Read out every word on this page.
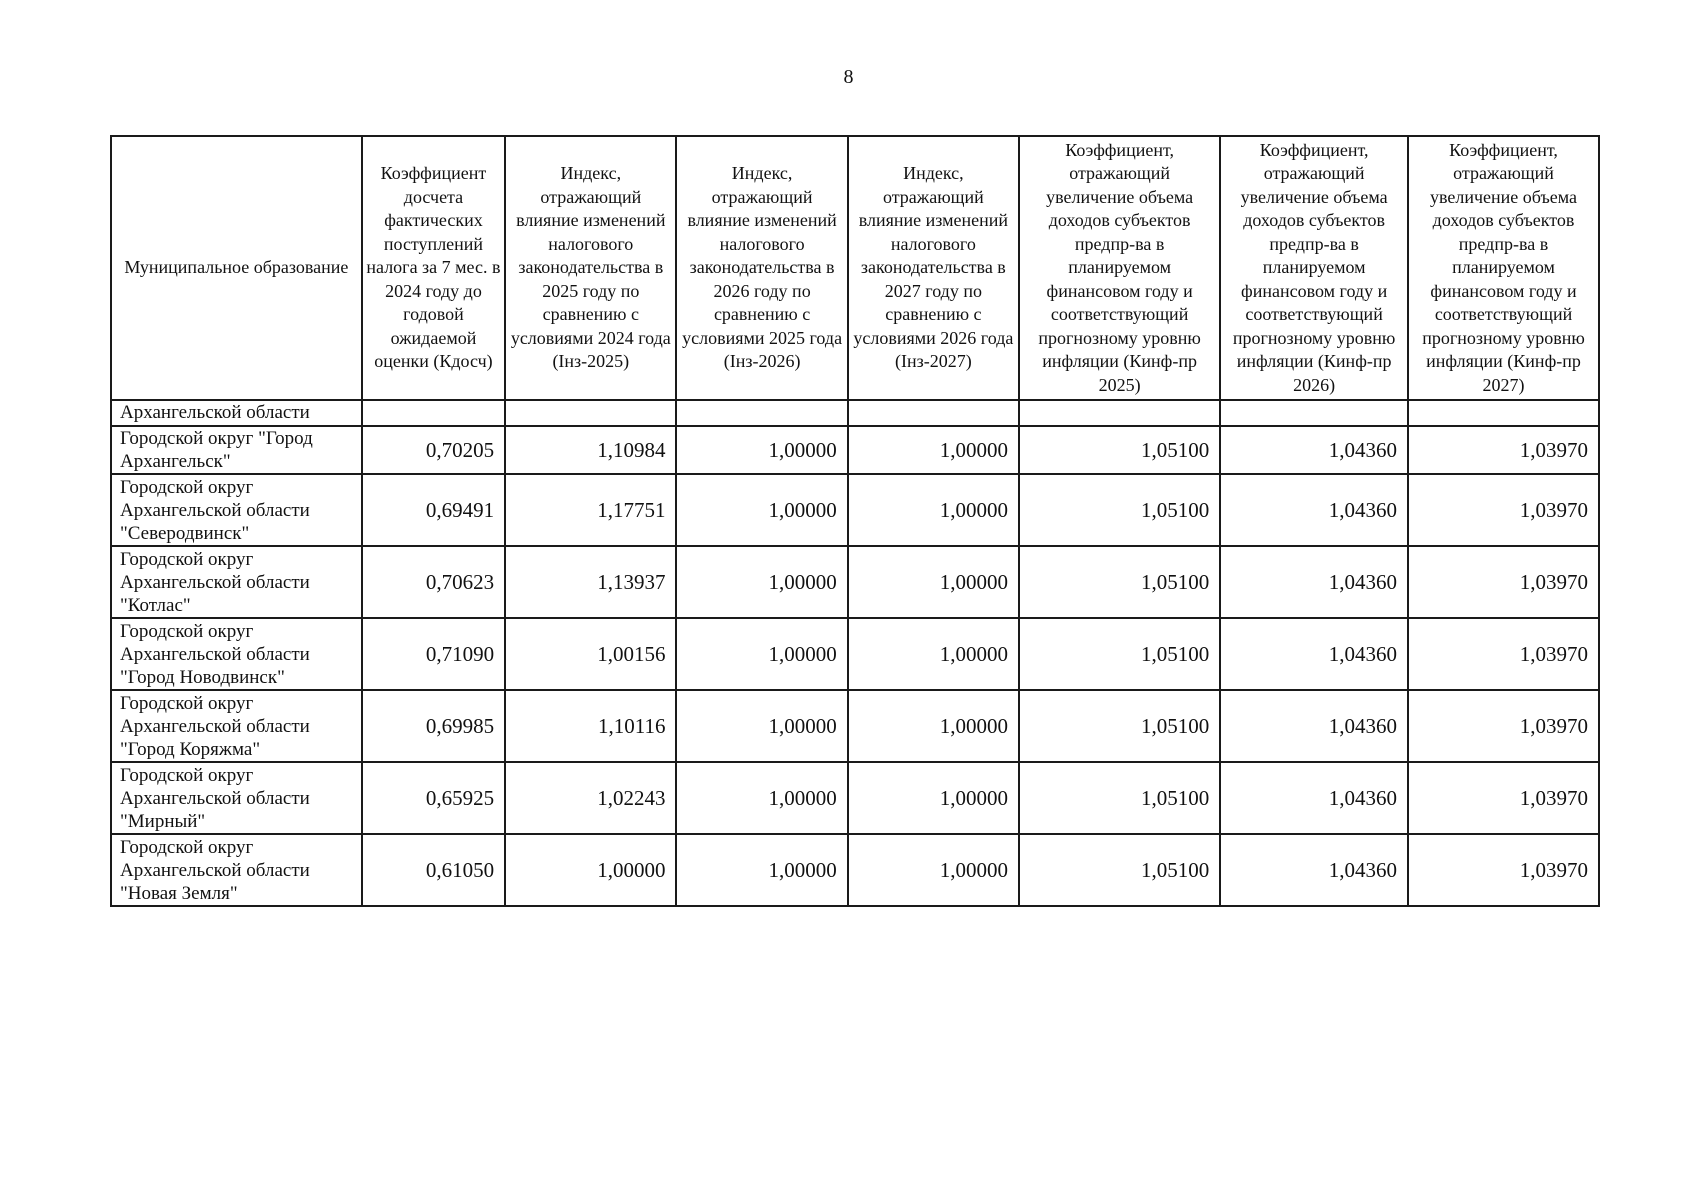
8
Муниципальное образование	Коэффициент досчета фактических поступлений налога за 7 мес. в 2024 году до годовой ожидаемой оценки (Кдосч)	Индекс, отражающий влияние изменений налогового законодательства в 2025 году по сравнению с условиями 2024 года (Iнз-2025)	Индекс, отражающий влияние изменений налогового законодательства в 2026 году по сравнению с условиями 2025 года (Iнз-2026)	Индекс, отражающий влияние изменений налогового законодательства в 2027 году по сравнению с условиями 2026 года (Iнз-2027)	Коэффициент, отражающий увеличение объема доходов субъектов предпр-ва в планируемом финансовом году и соответствующий прогнозному уровню инфляции (Кинф-пр 2025)	Коэффициент, отражающий увеличение объема доходов субъектов предпр-ва в планируемом финансовом году и соответствующий прогнозному уровню инфляции (Кинф-пр 2026)	Коэффициент, отражающий увеличение объема доходов субъектов предпр-ва в планируемом финансовом году и соответствующий прогнозному уровню инфляции (Кинф-пр 2027)
Архангельской области							
Городской округ "Город Архангельск"	0,70205	1,10984	1,00000	1,00000	1,05100	1,04360	1,03970
Городской округ Архангельской области "Северодвинск"	0,69491	1,17751	1,00000	1,00000	1,05100	1,04360	1,03970
Городской округ Архангельской области "Котлас"	0,70623	1,13937	1,00000	1,00000	1,05100	1,04360	1,03970
Городской округ Архангельской области "Город Новодвинск"	0,71090	1,00156	1,00000	1,00000	1,05100	1,04360	1,03970
Городской округ Архангельской области "Город Коряжма"	0,69985	1,10116	1,00000	1,00000	1,05100	1,04360	1,03970
Городской округ Архангельской области "Мирный"	0,65925	1,02243	1,00000	1,00000	1,05100	1,04360	1,03970
Городской округ Архангельской области "Новая Земля"	0,61050	1,00000	1,00000	1,00000	1,05100	1,04360	1,03970
